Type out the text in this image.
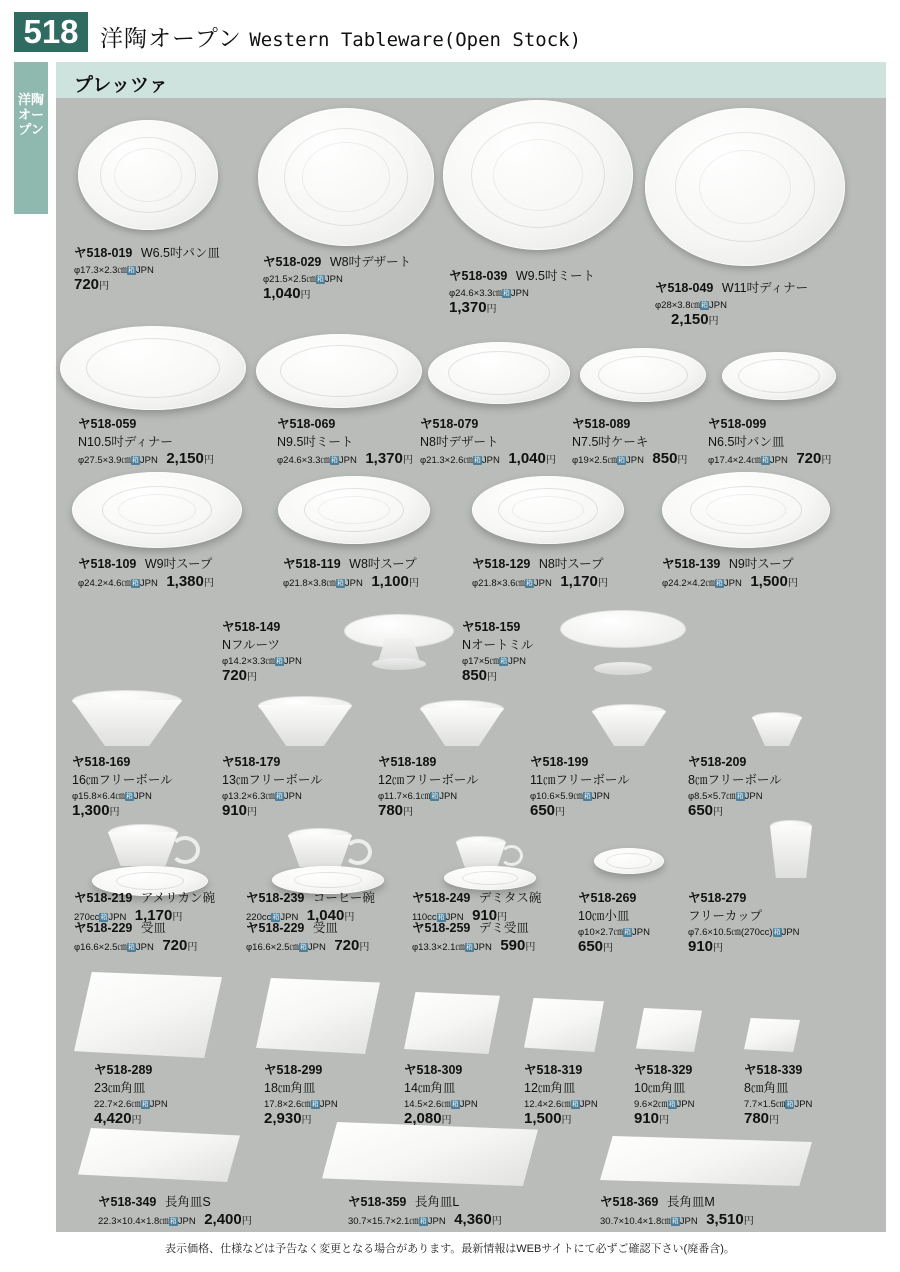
518 洋陶オープン Western Tableware(Open Stock)
洋陶
オープン
プレッツァ
ヤ518-019 W6.5吋パン皿
φ17.3×2.3㎝箱JPN
720円
ヤ518-029 W8吋デザート
φ21.5×2.5㎝箱JPN
1,040円
ヤ518-039 W9.5吋ミート
φ24.6×3.3㎝箱JPN
1,370円
ヤ518-049 W11吋ディナー
φ28×3.8㎝箱JPN
2,150円
ヤ518-059
N10.5吋ディナー
φ27.5×3.9㎝箱JPN 2,150円
ヤ518-069
N9.5吋ミート
φ24.6×3.3㎝箱JPN 1,370円
ヤ518-079
N8吋デザート
φ21.3×2.6㎝箱JPN 1,040円
ヤ518-089
N7.5吋ケーキ
φ19×2.5㎝箱JPN 850円
ヤ518-099
N6.5吋パン皿
φ17.4×2.4㎝箱JPN 720円
ヤ518-109 W9吋スープ
φ24.2×4.6㎝箱JPN 1,380円
ヤ518-119 W8吋スープ
φ21.8×3.8㎝箱JPN 1,100円
ヤ518-129 N8吋スープ
φ21.8×3.6㎝箱JPN 1,170円
ヤ518-139 N9吋スープ
φ24.2×4.2㎝箱JPN 1,500円
ヤ518-149
Nフルーツ
φ14.2×3.3㎝箱JPN
720円
ヤ518-159
Nオートミル
φ17×5㎝箱JPN
850円
ヤ518-169
16㎝フリーボール
φ15.8×6.4㎝箱JPN
1,300円
ヤ518-179
13㎝フリーボール
φ13.2×6.3㎝箱JPN
910円
ヤ518-189
12㎝フリーボール
φ11.7×6.1㎝箱JPN
780円
ヤ518-199
11㎝フリーボール
φ10.6×5.9㎝箱JPN
650円
ヤ518-209
8㎝フリーボール
φ8.5×5.7㎝箱JPN
650円
ヤ518-219 アメリカン碗
270cc箱JPN 1,170円
ヤ518-229 受皿
φ16.6×2.5㎝箱JPN 720円
ヤ518-239 コーヒー碗
220cc箱JPN 1,040円
ヤ518-229 受皿
φ16.6×2.5㎝箱JPN 720円
ヤ518-249 デミタス碗
110cc箱JPN 910円
ヤ518-259 デミ受皿
φ13.3×2.1㎝箱JPN 590円
ヤ518-269
10㎝小皿
φ10×2.7㎝箱JPN
650円
ヤ518-279
フリーカップ
φ7.6×10.5㎝(270cc)箱JPN
910円
ヤ518-289
23㎝角皿
22.7×2.6㎝箱JPN
4,420円
ヤ518-299
18㎝角皿
17.8×2.6㎝箱JPN
2,930円
ヤ518-309
14㎝角皿
14.5×2.6㎝箱JPN
2,080円
ヤ518-319
12㎝角皿
12.4×2.6㎝箱JPN
1,500円
ヤ518-329
10㎝角皿
9.6×2㎝箱JPN
910円
ヤ518-339
8㎝角皿
7.7×1.5㎝箱JPN
780円
ヤ518-349 長角皿S
22.3×10.4×1.8㎝箱JPN 2,400円
ヤ518-359 長角皿L
30.7×15.7×2.1㎝箱JPN 4,360円
ヤ518-369 長角皿M
30.7×10.4×1.8㎝箱JPN 3,510円
表示価格、仕様などは予告なく変更となる場合があります。最新情報はWEBサイトにて必ずご確認下さい(廃番含)。
